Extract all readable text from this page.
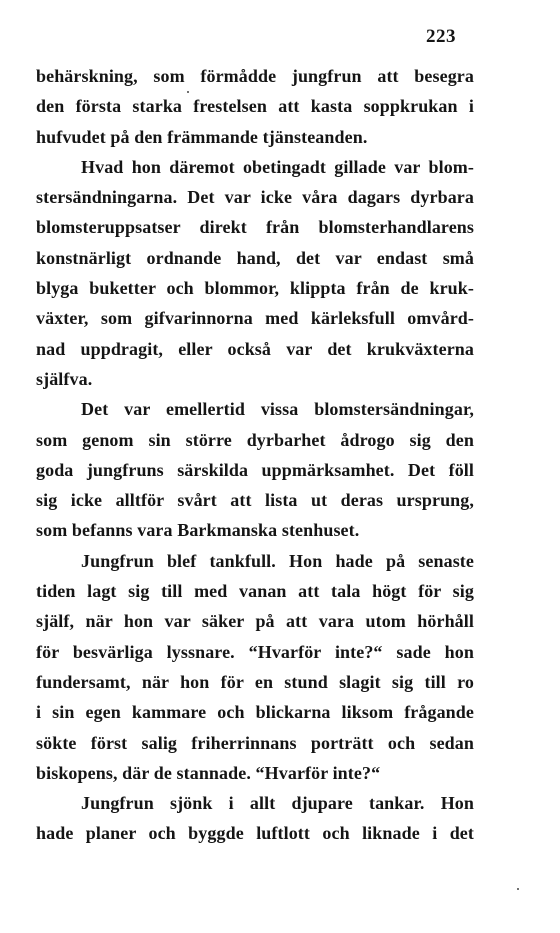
223
behärskning, som förmådde jungfrun att besegra
den första starka frestelsen att kasta soppkrukan i
hufvudet på den främmande tjänsteanden.
Hvad hon däremot obetingadt gillade var blom-
stersändningarna. Det var icke våra dagars dyrbara
blomsteruppsatser direkt från blomsterhandlarens
konstnärligt ordnande hand, det var endast små
blyga buketter och blommor, klippta från de kruk-
växter, som gifvarinnorna med kärleksfull omvård-
nad uppdragit, eller också var det krukväxterna
själfva.
Det var emellertid vissa blomstersändningar,
som genom sin större dyrbarhet ådrogo sig den
goda jungfruns särskilda uppmärksamhet. Det föll
sig icke alltför svårt att lista ut deras ursprung,
som befanns vara Barkmanska stenhuset.
Jungfrun blef tankfull. Hon hade på senaste
tiden lagt sig till med vanan att tala högt för sig
själf, när hon var säker på att vara utom hörhåll
för besvärliga lyssnare. “Hvarför inte?“ sade hon
fundersamt, när hon för en stund slagit sig till ro
i sin egen kammare och blickarna liksom frågande
sökte först salig friherrinnans porträtt och sedan
biskopens, där de stannade. “Hvarför inte?“
Jungfrun sjönk i allt djupare tankar. Hon
hade planer och byggde luftlott och liknade i det
